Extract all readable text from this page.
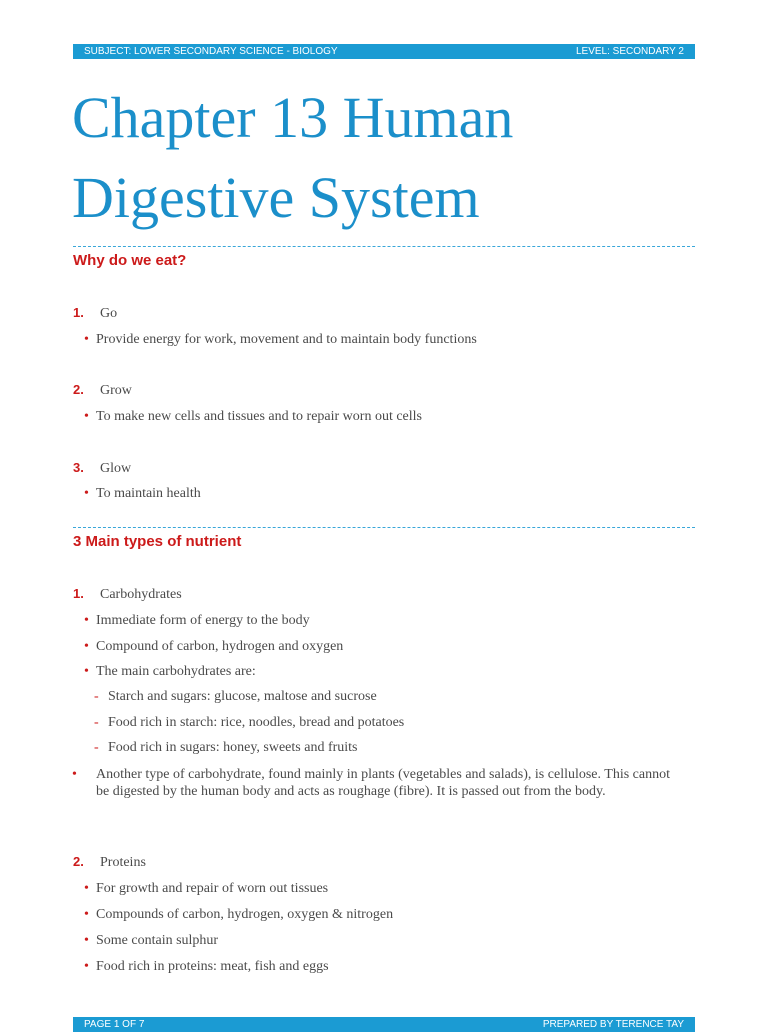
SUBJECT: LOWER SECONDARY SCIENCE - BIOLOGY	LEVEL: SECONDARY 2
Chapter 13 Human
Digestive System
Why do we eat?
1. Go
• Provide energy for work, movement and to maintain body functions
2. Grow
• To make new cells and tissues and to repair worn out cells
3. Glow
• To maintain health
3 Main types of nutrient
1. Carbohydrates
• Immediate form of energy to the body
• Compound of carbon, hydrogen and oxygen
• The main carbohydrates are:
- Starch and sugars: glucose, maltose and sucrose
- Food rich in starch: rice, noodles, bread and potatoes
- Food rich in sugars: honey, sweets and fruits
• Another type of carbohydrate, found mainly in plants (vegetables and salads), is cellulose. This cannot be digested by the human body and acts as roughage (fibre). It is passed out from the body.
2. Proteins
• For growth and repair of worn out tissues
• Compounds of carbon, hydrogen, oxygen & nitrogen
• Some contain sulphur
• Food rich in proteins: meat, fish and eggs
PAGE 1 OF 7	PREPARED BY TERENCE TAY
